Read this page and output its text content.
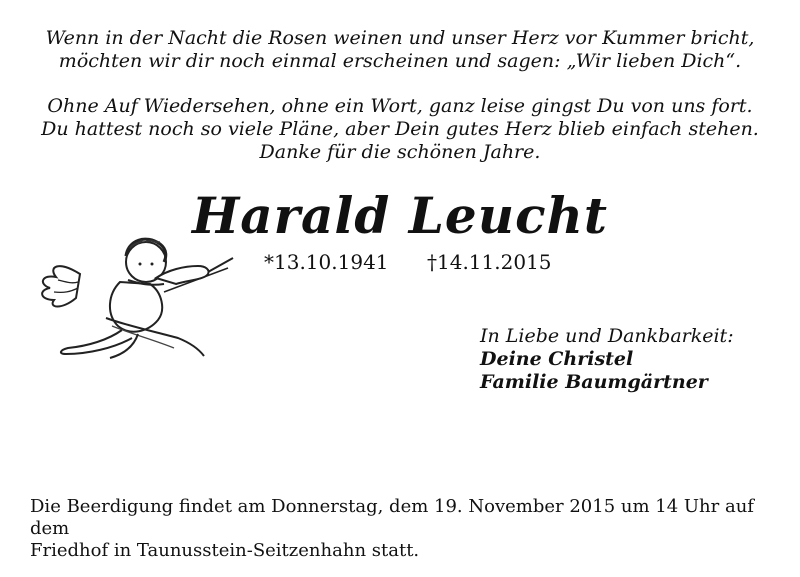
Wenn in der Nacht die Rosen weinen und unser Herz vor Kummer bricht,

möchten wir dir noch einmal erscheinen und sagen: „Wir lieben Dich“.

Ohne Auf Wiedersehen, ohne ein Wort, ganz leise gingst Du von uns fort.

Du hattest noch so viele Pläne, aber Dein gutes Herz blieb einfach stehen.

Danke für die schönen Jahre.

Harald Leucht
*13.10.1941 †14.11.2015
In Liebe und Dankbarkeit:
Deine Christel
Familie Baumgärtner

Die Beerdigung findet am Donnerstag, dem 19. November 2015 um 14 Uhr auf dem

Friedhof in Taunusstein-Seitzenhahn statt.
